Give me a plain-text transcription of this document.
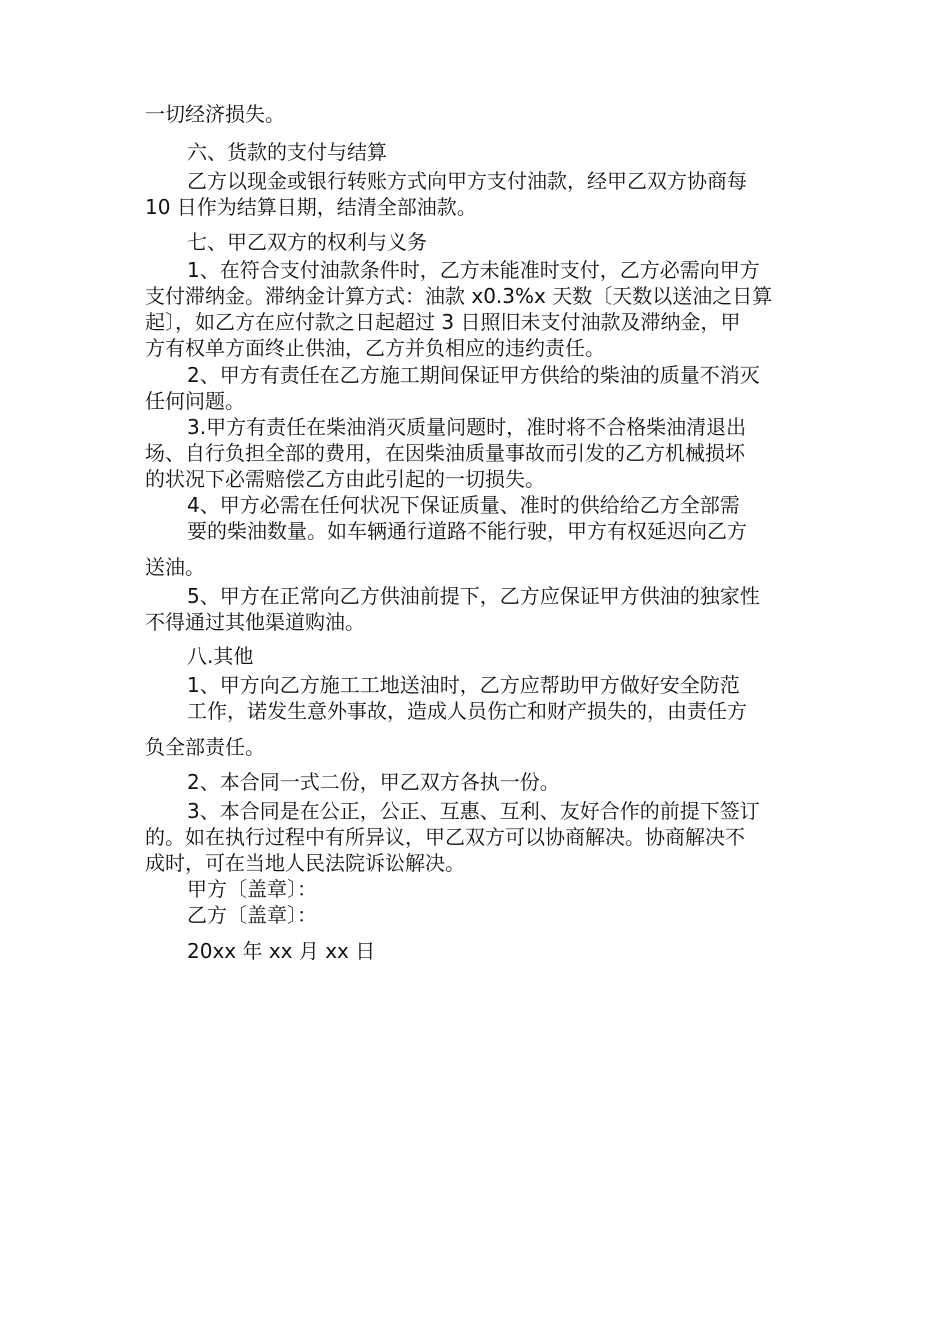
一切经济损失。
六、货款的支付与结算
乙方以现金或银行转账方式向甲方支付油款，经甲乙双方协商每
10 日作为结算日期，结清全部油款。
七、甲乙双方的权利与义务
1、在符合支付油款条件时，乙方未能准时支付，乙方必需向甲方
支付滞纳金。滞纳金计算方式：油款 x0.3%x 天数〔天数以送油之日算
起〕，如乙方在应付款之日起超过 3 日照旧未支付油款及滞纳金，甲
方有权单方面终止供油，乙方并负相应的违约责任。
2、甲方有责任在乙方施工期间保证甲方供给的柴油的质量不消灭
任何问题。
3.甲方有责任在柴油消灭质量问题时，准时将不合格柴油清退出
场、自行负担全部的费用，在因柴油质量事故而引发的乙方机械损坏
的状况下必需赔偿乙方由此引起的一切损失。
4、甲方必需在任何状况下保证质量、准时的供给给乙方全部需
要的柴油数量。如车辆通行道路不能行驶，甲方有权延迟向乙方
送油。
5、甲方在正常向乙方供油前提下，乙方应保证甲方供油的独家性
不得通过其他渠道购油。
八.其他
1、甲方向乙方施工工地送油时，乙方应帮助甲方做好安全防范
工作，诺发生意外事故，造成人员伤亡和财产损失的，由责任方
负全部责任。
2、本合同一式二份，甲乙双方各执一份。
3、本合同是在公正，公正、互惠、互利、友好合作的前提下签订
的。如在执行过程中有所异议，甲乙双方可以协商解决。协商解决不
成时，可在当地人民法院诉讼解决。
甲方〔盖章〕：
乙方〔盖章〕：
20xx 年 xx 月 xx 日
